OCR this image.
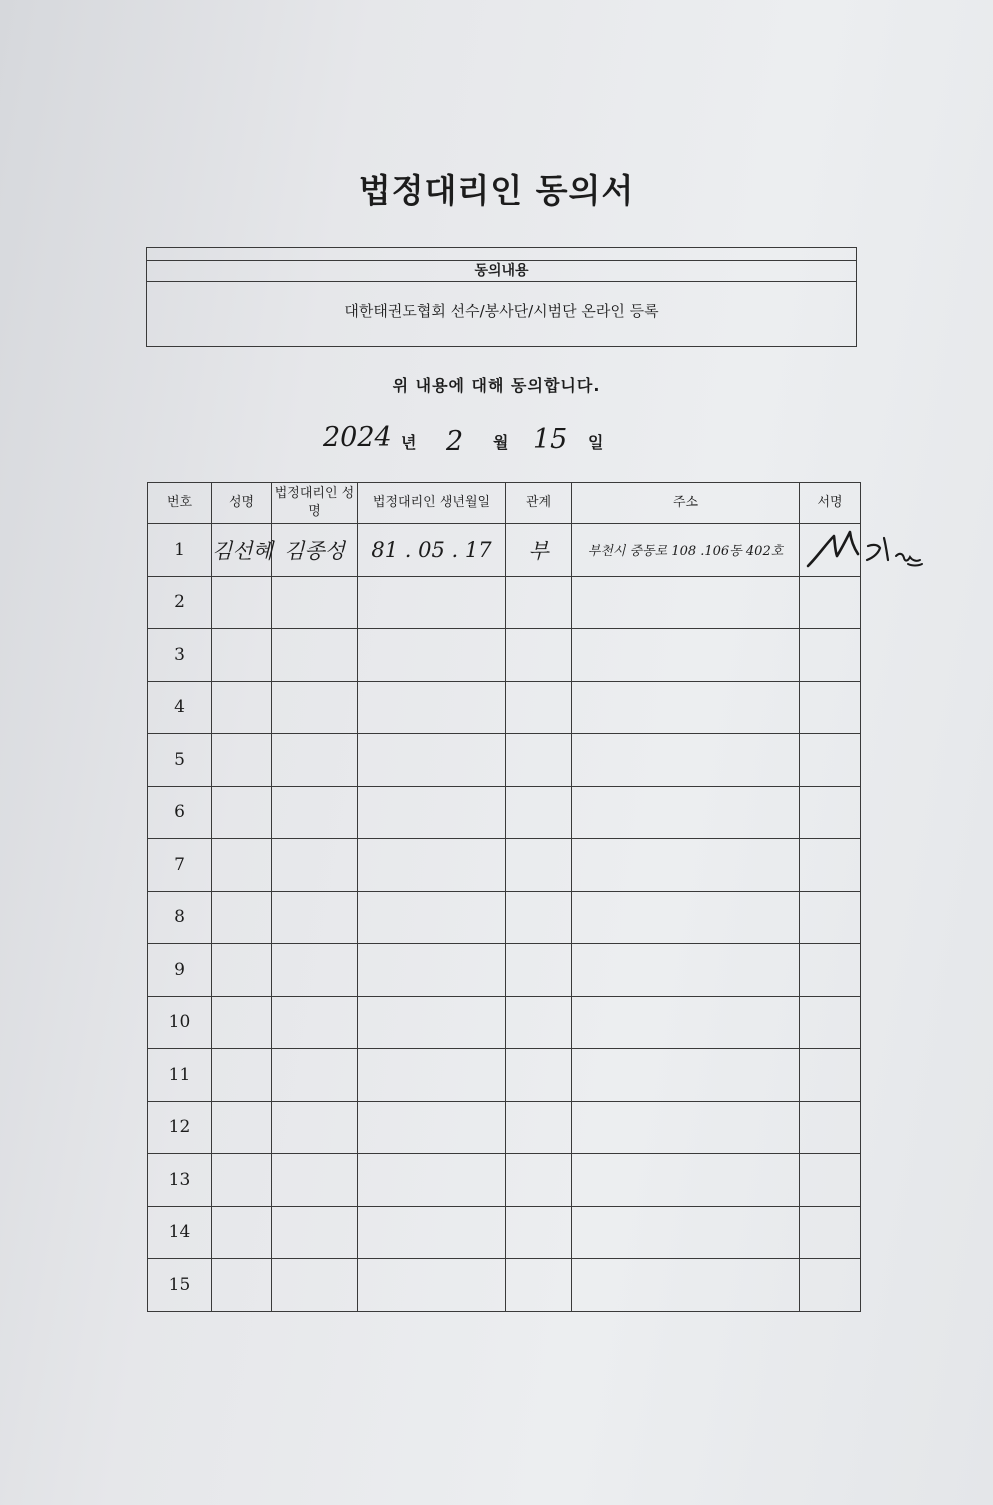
법정대리인 동의서
동의내용
대한태권도협회 선수/봉사단/시범단 온라인 등록
위 내용에 대해 동의합니다.
2024 년 2 월 15 일
번호	성명	법정대리인 성명	법정대리인 생년월일	관계	주소	서명
1	김선혜	김종성	81 . 05 . 17	부	부천시 중동로 108 .106동 402호	

2						
3						
4						
5						
6						
7						
8						
9						
10						
11						
12						
13						
14						
15						
